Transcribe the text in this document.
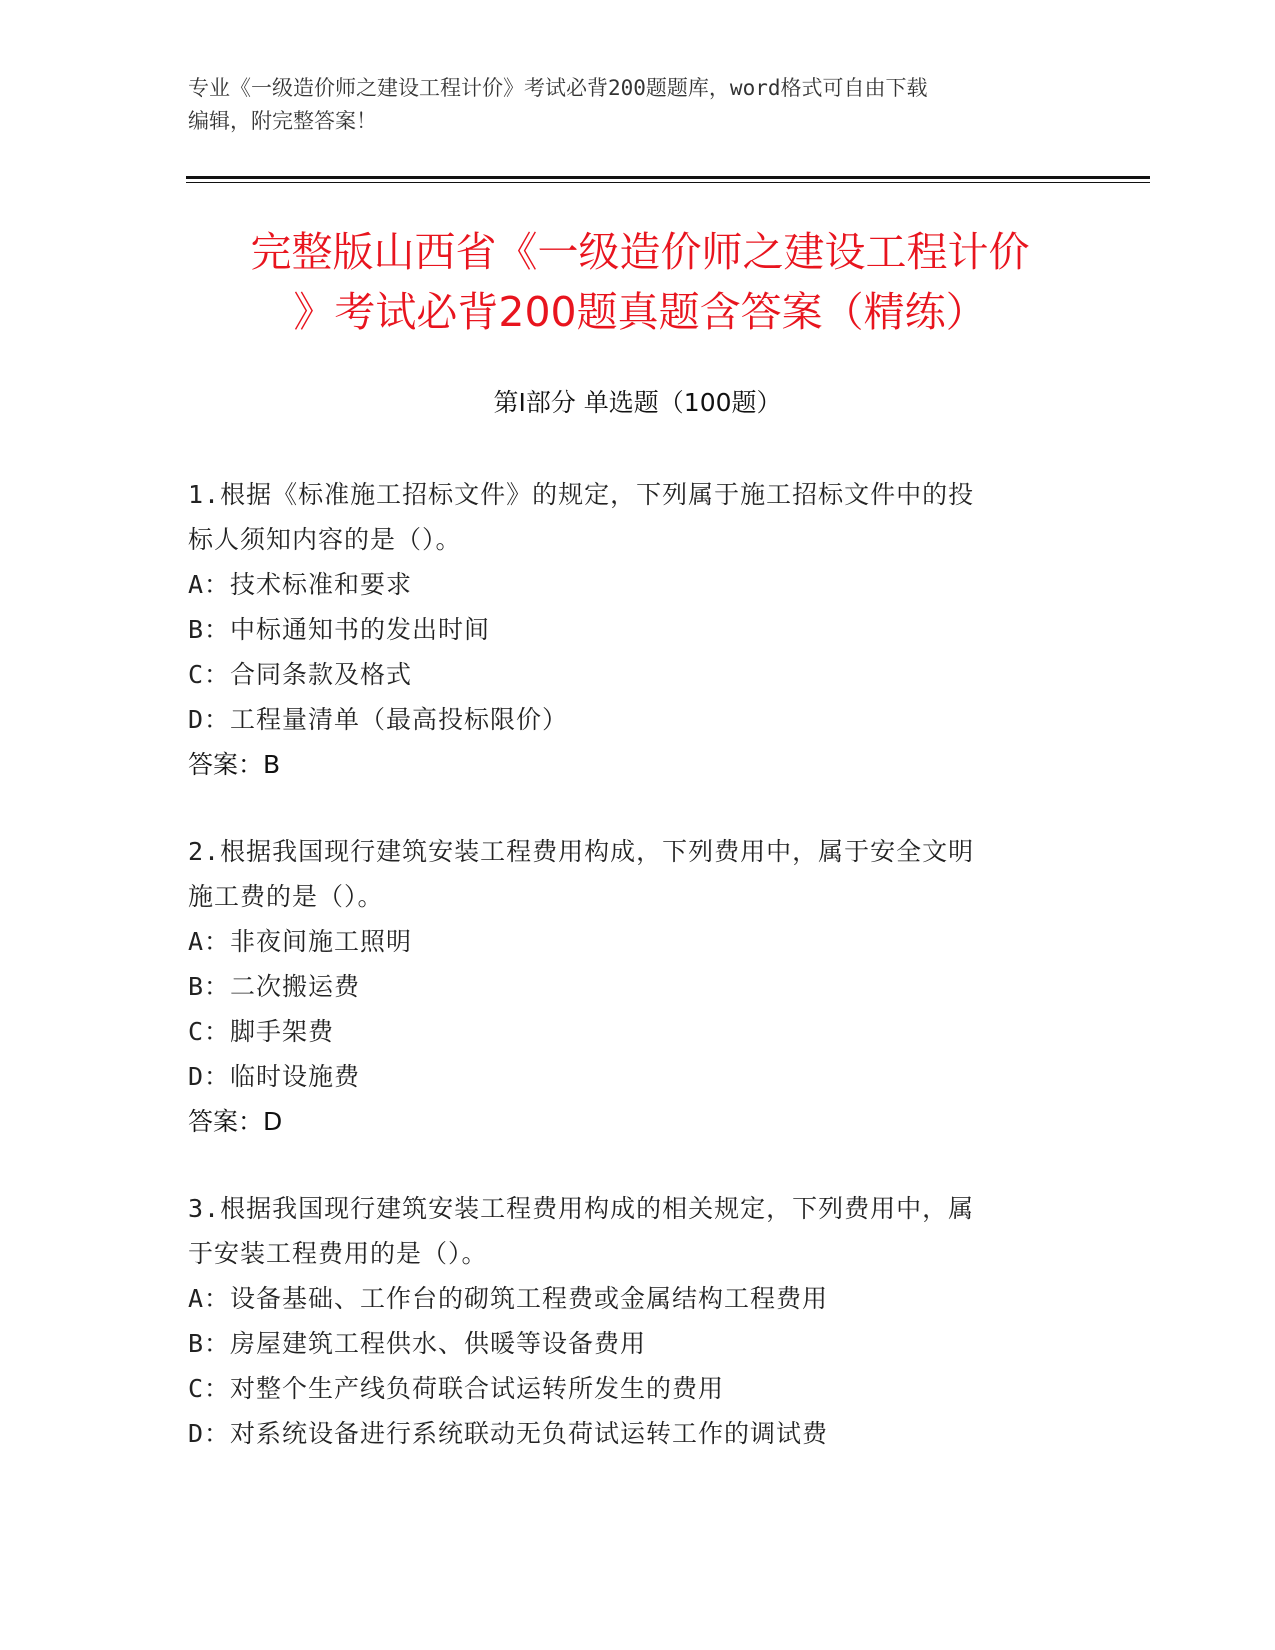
专业《一级造价师之建设工程计价》考试必背200题题库，word格式可自由下载
编辑，附完整答案！
完整版山西省《一级造价师之建设工程计价
》考试必背200题真题含答案（精练）
第Ⅰ部分 单选题（100题）

1.根据《标准施工招标文件》的规定，下列属于施工招标文件中的投

标人须知内容的是（）。

A：技术标准和要求

B：中标通知书的发出时间

C：合同条款及格式

D：工程量清单（最高投标限价）

答案：B

2.根据我国现行建筑安装工程费用构成，下列费用中，属于安全文明

施工费的是（）。

A：非夜间施工照明

B：二次搬运费

C：脚手架费

D：临时设施费

答案：D

3.根据我国现行建筑安装工程费用构成的相关规定，下列费用中，属

于安装工程费用的是（）。

A：设备基础、工作台的砌筑工程费或金属结构工程费用

B：房屋建筑工程供水、供暖等设备费用

C：对整个生产线负荷联合试运转所发生的费用

D：对系统设备进行系统联动无负荷试运转工作的调试费
